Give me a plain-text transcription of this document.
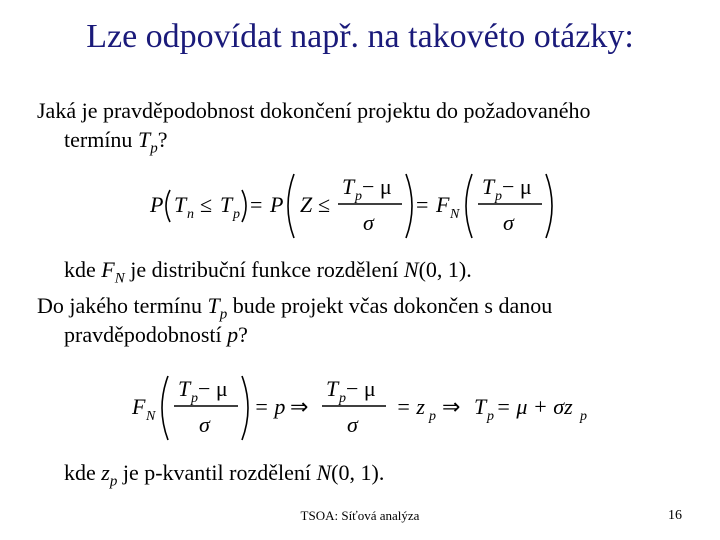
Lze odpovídat např. na takovéto otázky:
Jaká je pravděpodobnost dokončení projektu do požadovaného
termínu $T_p$?
P T n ≤ T p = P Z ≤
T p − μ
σ
= F N
T p − μ
σ
kde $F_N$ je distribuční funkce rozdělení N(0, 1).
Do jakého termínu $T_p$ bude projekt včas dokončen s danou
pravděpodobností p?
F N
T p − μ
σ
= p ⇒
T p − μ
σ
= z p ⇒ T p = μ + σz p
kde $z_p$ je p-kvantil rozdělení N(0, 1).
TSOA: Síťová analýza	16
